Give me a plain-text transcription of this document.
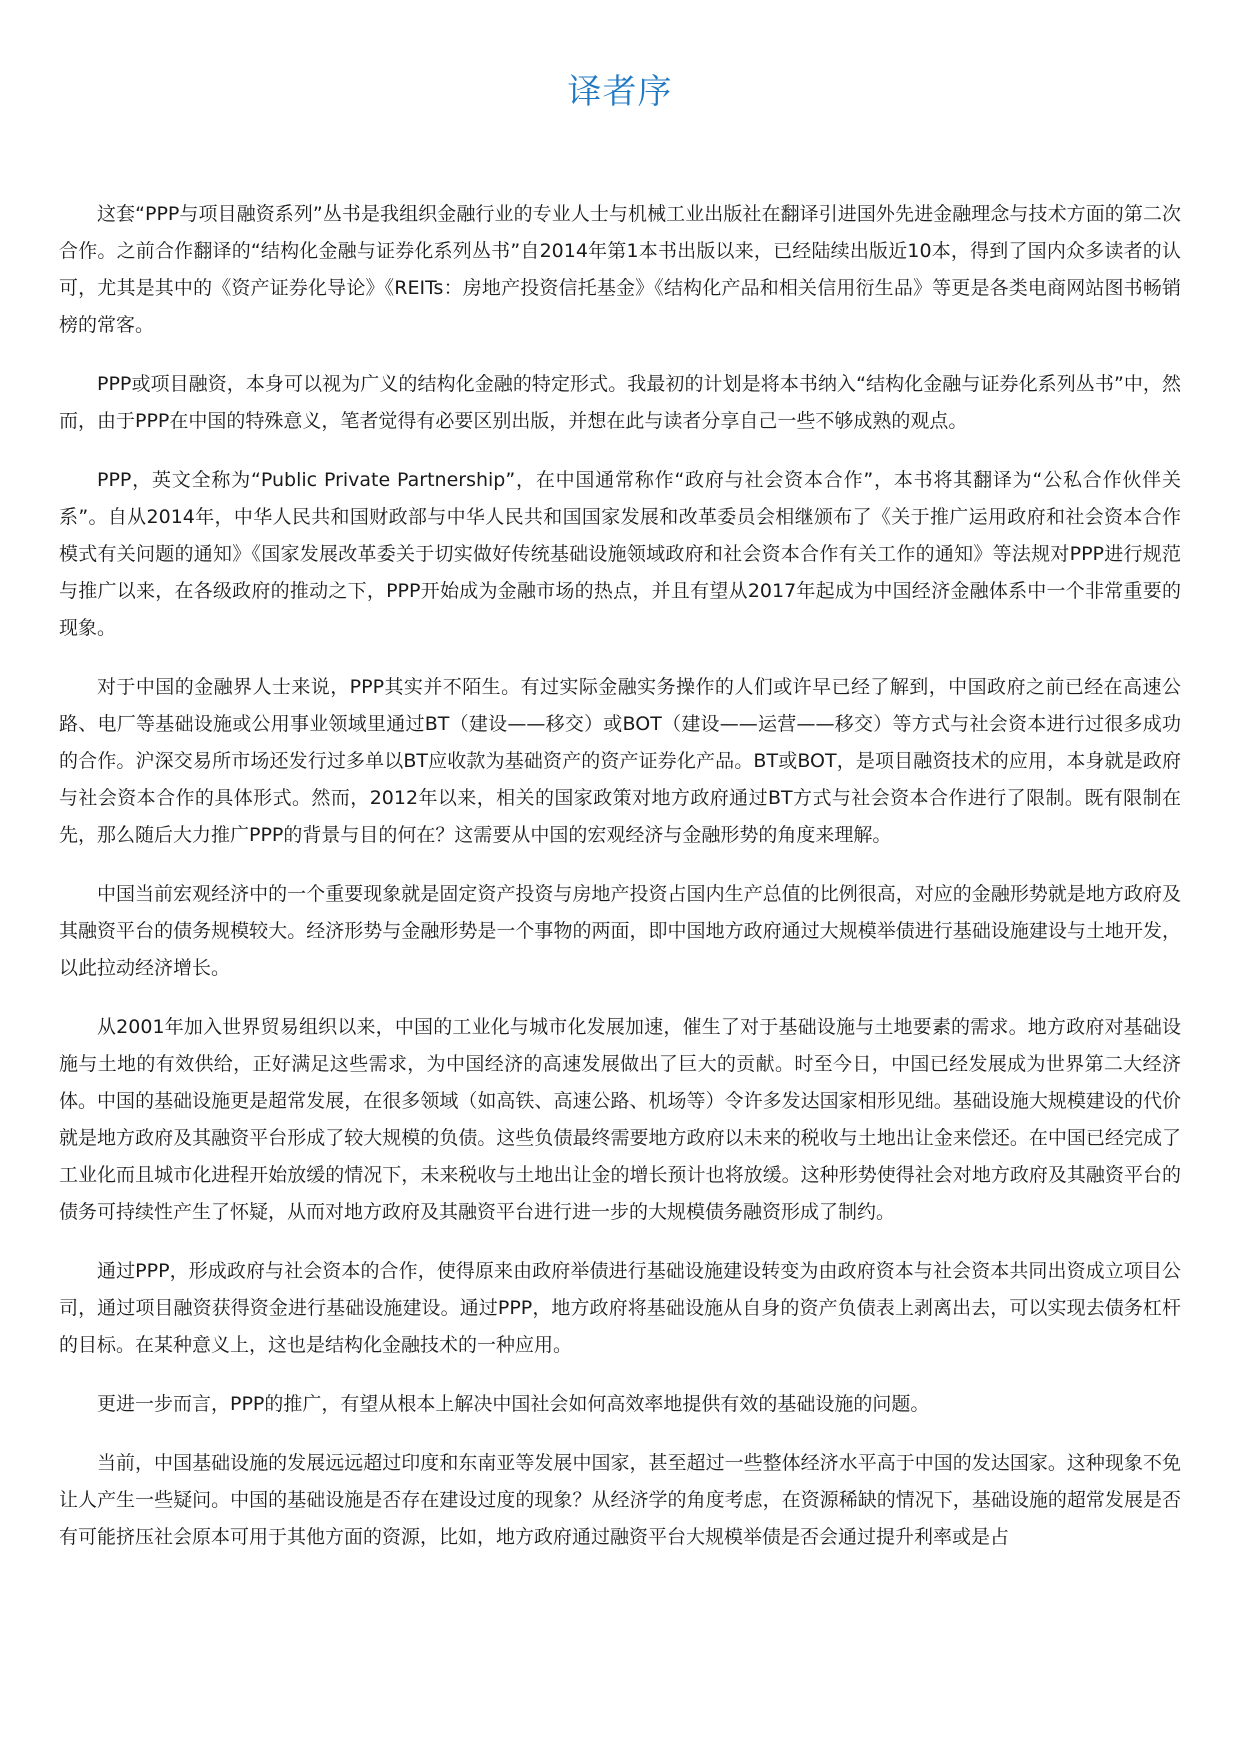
译者序

这套“PPP与项目融资系列”丛书是我组织金融行业的专业人士与机械工业出版社在翻译引进国外先进金融理念与技术方面的第二次合作。之前合作翻译的“结构化金融与证券化系列丛书”自2014年第1本书出版以来，已经陆续出版近10本，得到了国内众多读者的认可，尤其是其中的《资产证券化导论》《REITs：房地产投资信托基金》《结构化产品和相关信用衍生品》等更是各类电商网站图书畅销榜的常客。

PPP或项目融资，本身可以视为广义的结构化金融的特定形式。我最初的计划是将本书纳入“结构化金融与证券化系列丛书”中，然而，由于PPP在中国的特殊意义，笔者觉得有必要区别出版，并想在此与读者分享自己一些不够成熟的观点。

PPP，英文全称为“Public Private Partnership”，在中国通常称作“政府与社会资本合作”，本书将其翻译为“公私合作伙伴关系”。自从2014年，中华人民共和国财政部与中华人民共和国国家发展和改革委员会相继颁布了《关于推广运用政府和社会资本合作模式有关问题的通知》《国家发展改革委关于切实做好传统基础设施领域政府和社会资本合作有关工作的通知》等法规对PPP进行规范与推广以来，在各级政府的推动之下，PPP开始成为金融市场的热点，并且有望从2017年起成为中国经济金融体系中一个非常重要的现象。

对于中国的金融界人士来说，PPP其实并不陌生。有过实际金融实务操作的人们或许早已经了解到，中国政府之前已经在高速公路、电厂等基础设施或公用事业领域里通过BT（建设——移交）或BOT（建设——运营——移交）等方式与社会资本进行过很多成功的合作。沪深交易所市场还发行过多单以BT应收款为基础资产的资产证券化产品。BT或BOT，是项目融资技术的应用，本身就是政府与社会资本合作的具体形式。然而，2012年以来，相关的国家政策对地方政府通过BT方式与社会资本合作进行了限制。既有限制在先，那么随后大力推广PPP的背景与目的何在？这需要从中国的宏观经济与金融形势的角度来理解。

中国当前宏观经济中的一个重要现象就是固定资产投资与房地产投资占国内生产总值的比例很高，对应的金融形势就是地方政府及其融资平台的债务规模较大。经济形势与金融形势是一个事物的两面，即中国地方政府通过大规模举债进行基础设施建设与土地开发，以此拉动经济增长。

从2001年加入世界贸易组织以来，中国的工业化与城市化发展加速，催生了对于基础设施与土地要素的需求。地方政府对基础设施与土地的有效供给，正好满足这些需求，为中国经济的高速发展做出了巨大的贡献。时至今日，中国已经发展成为世界第二大经济体。中国的基础设施更是超常发展，在很多领域（如高铁、高速公路、机场等）令许多发达国家相形见绌。基础设施大规模建设的代价就是地方政府及其融资平台形成了较大规模的负债。这些负债最终需要地方政府以未来的税收与土地出让金来偿还。在中国已经完成了工业化而且城市化进程开始放缓的情况下，未来税收与土地出让金的增长预计也将放缓。这种形势使得社会对地方政府及其融资平台的债务可持续性产生了怀疑，从而对地方政府及其融资平台进行进一步的大规模债务融资形成了制约。

通过PPP，形成政府与社会资本的合作，使得原来由政府举债进行基础设施建设转变为由政府资本与社会资本共同出资成立项目公司，通过项目融资获得资金进行基础设施建设。通过PPP，地方政府将基础设施从自身的资产负债表上剥离出去，可以实现去债务杠杆的目标。在某种意义上，这也是结构化金融技术的一种应用。

更进一步而言，PPP的推广，有望从根本上解决中国社会如何高效率地提供有效的基础设施的问题。

当前，中国基础设施的发展远远超过印度和东南亚等发展中国家，甚至超过一些整体经济水平高于中国的发达国家。这种现象不免让人产生一些疑问。中国的基础设施是否存在建设过度的现象？从经济学的角度考虑，在资源稀缺的情况下，基础设施的超常发展是否有可能挤压社会原本可用于其他方面的资源，比如，地方政府通过融资平台大规模举债是否会通过提升利率或是占
